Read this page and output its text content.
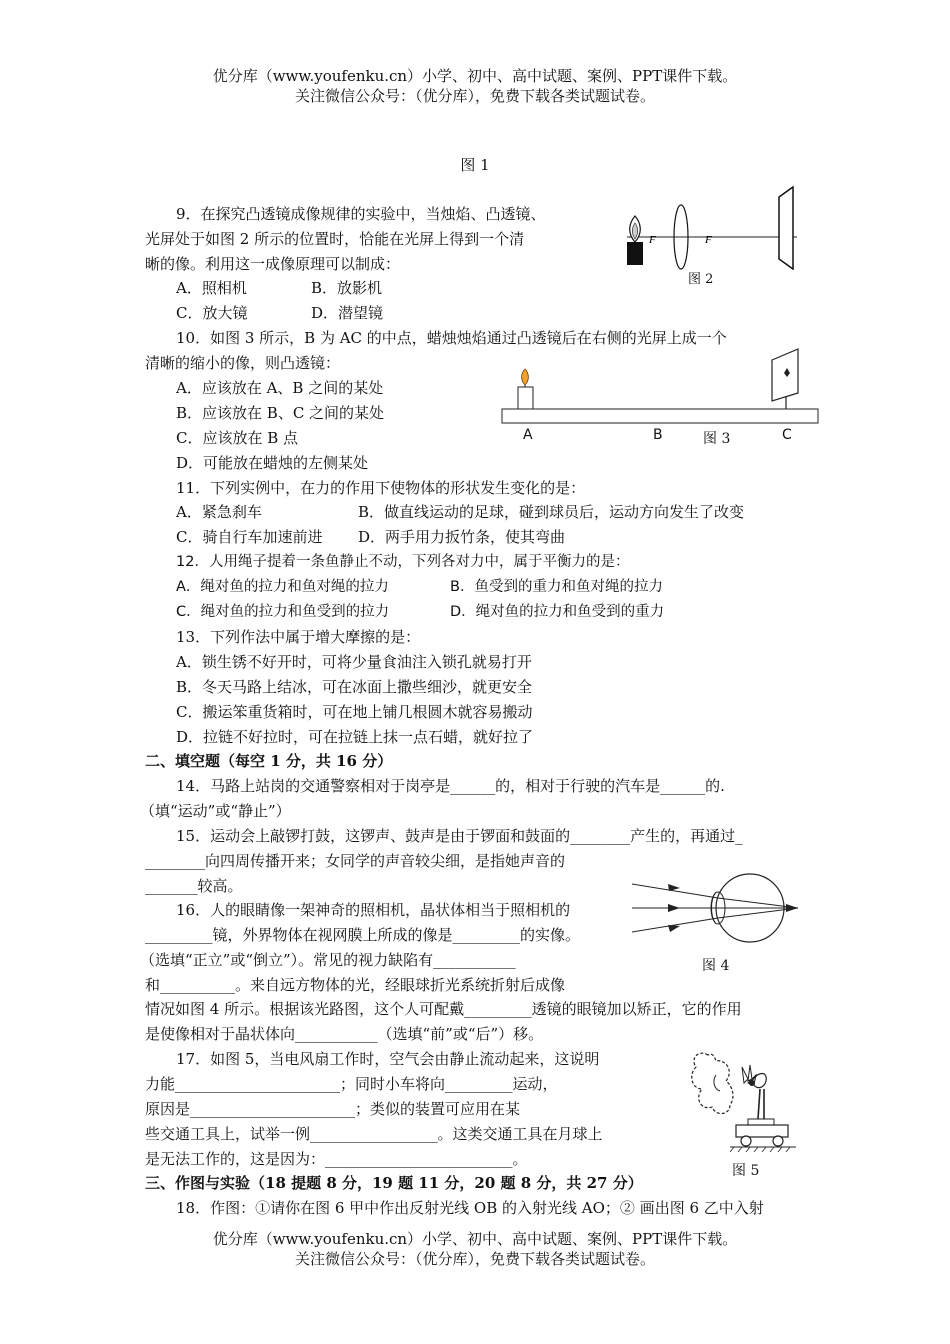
优分库（www.youfenku.cn）小学、初中、高中试题、案例、PPT课件下载。
关注微信公众号：（优分库），免费下载各类试题试卷。
图 1
9．在探究凸透镜成像规律的实验中，当烛焰、凸透镜、
光屏处于如图 2 所示的位置时，恰能在光屏上得到一个清
晰的像。利用这一成像原理可以制成：
A．照相机	B．放影机
C．放大镜	D．潜望镜
F	F
图 2
10．如图 3 所示，B 为 AC 的中点，蜡烛烛焰通过凸透镜后在右侧的光屏上成一个
清晰的缩小的像，则凸透镜：
A．应该放在 A、B 之间的某处
B．应该放在 B、C 之间的某处
C．应该放在 B 点
D．可能放在蜡烛的左侧某处
A	B	图 3	C
11．下列实例中，在力的作用下使物体的形状发生变化的是：
A．紧急刹车	B．做直线运动的足球，碰到球员后，运动方向发生了改变
C．骑自行车加速前进 D．两手用力扳竹条，使其弯曲
12．人用绳子提着一条鱼静止不动，下列各对力中，属于平衡力的是：
A．绳对鱼的拉力和鱼对绳的拉力	B．鱼受到的重力和鱼对绳的拉力
C．绳对鱼的拉力和鱼受到的拉力	D．绳对鱼的拉力和鱼受到的重力
13．下列作法中属于增大摩擦的是：
A．锁生锈不好开时，可将少量食油注入锁孔就易打开
B．冬天马路上结冰，可在冰面上撒些细沙，就更安全
C．搬运笨重货箱时，可在地上铺几根圆木就容易搬动
D．拉链不好拉时，可在拉链上抹一点石蜡，就好拉了
二、填空题（每空 1 分，共 16 分）
14．马路上站岗的交通警察相对于岗亭是______的，相对于行驶的汽车是______的.
（填“运动”或“静止”）
15．运动会上敲锣打鼓，这锣声、鼓声是由于锣面和鼓面的________产生的，再通过_
________向四周传播开来；女同学的声音较尖细，是指她声音的
_______较高。
图 4
16．人的眼睛像一架神奇的照相机，晶状体相当于照相机的
_________镜，外界物体在视网膜上所成的像是_________的实像。
（选填“正立”或“倒立”）。常见的视力缺陷有___________
和__________。来自远方物体的光，经眼球折光系统折射后成像
情况如图 4 所示。根据该光路图，这个人可配戴_________透镜的眼镜加以矫正，它的作用
是使像相对于晶状体向___________（选填“前”或“后”）移。
图 5
17．如图 5，当电风扇工作时，空气会由静止流动起来，这说明
力能______________________；同时小车将向_________运动，
原因是______________________；类似的装置可应用在某
些交通工具上，试举一例_________________。这类交通工具在月球上
是无法工作的，这是因为：_________________________。
三、作图与实验（18 提题 8 分，19 题 11 分，20 题 8 分，共 27 分）
18．作图：①请你在图 6 甲中作出反射光线 OB 的入射光线 AO；② 画出图 6 乙中入射
优分库（www.youfenku.cn）小学、初中、高中试题、案例、PPT课件下载。
关注微信公众号：（优分库），免费下载各类试题试卷。
